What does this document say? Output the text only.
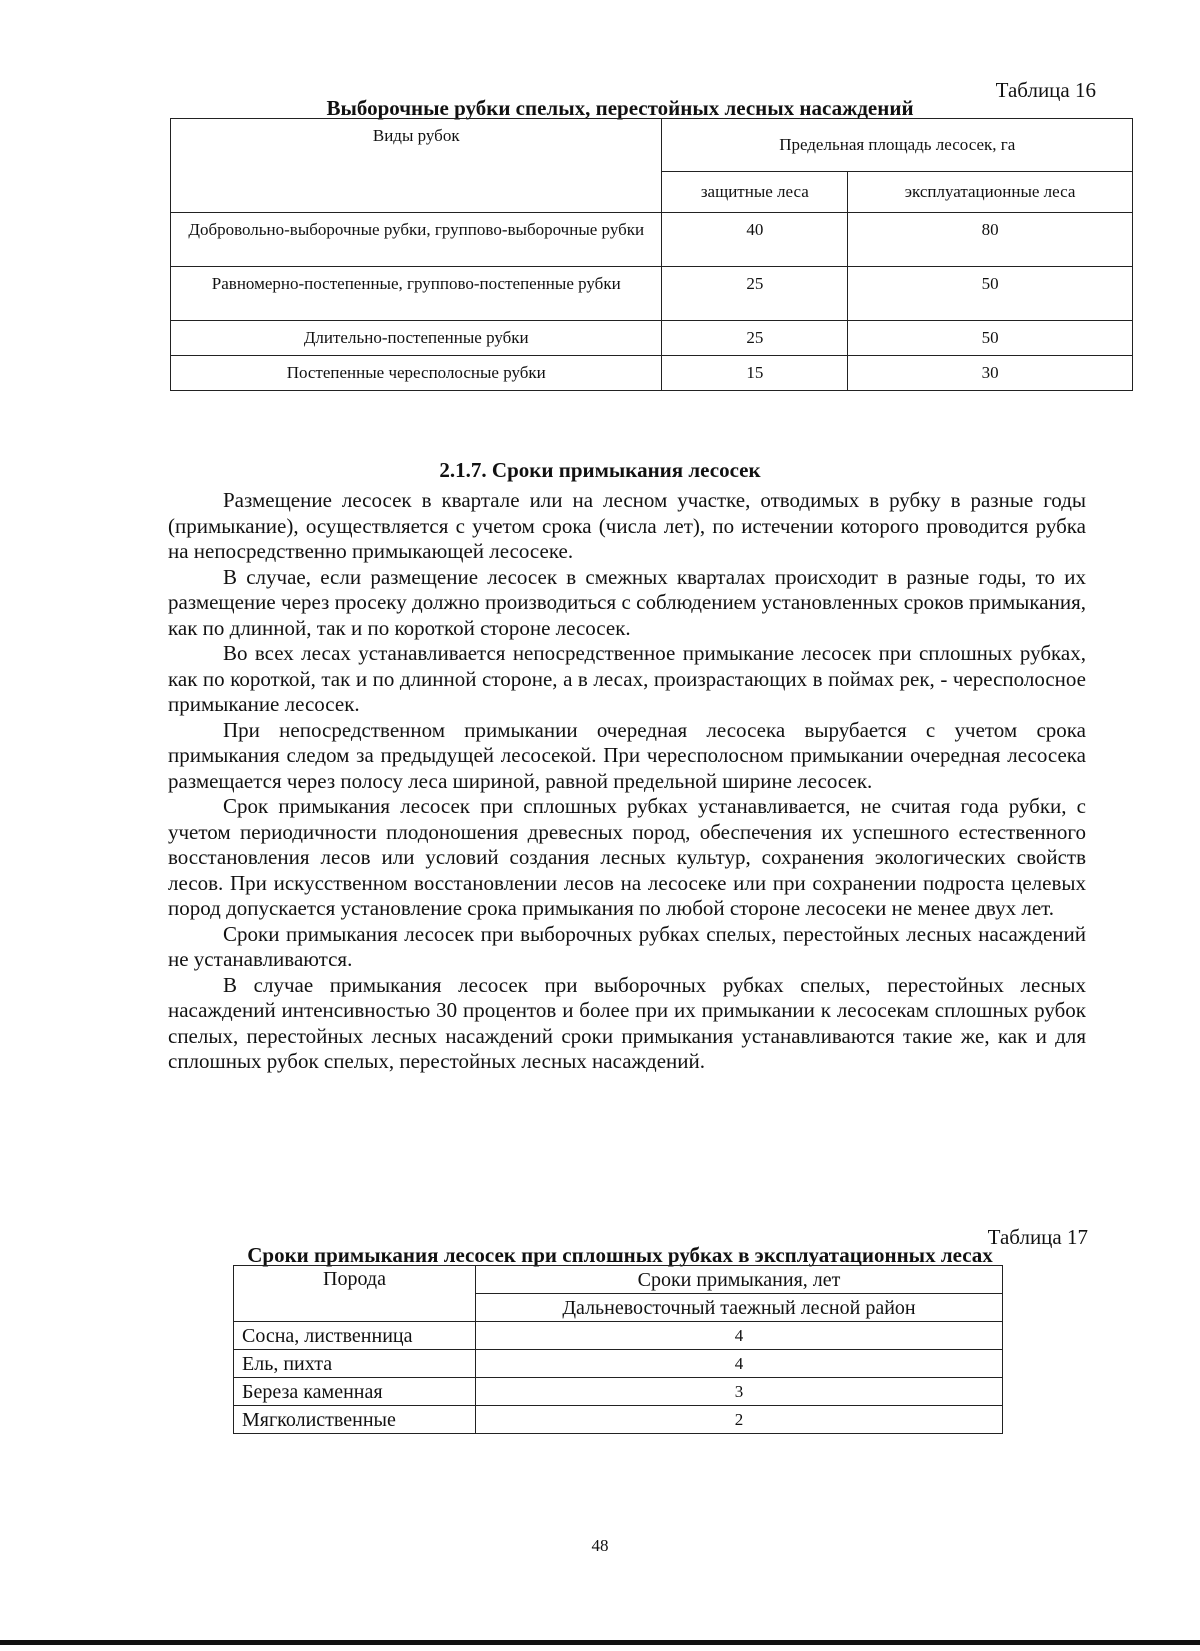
Таблица 16
Выборочные рубки спелых, перестойных лесных насаждений
Виды рубок	Предельная площадь лесосек, га	
	защитные леса	эксплуатационные леса
Добровольно-выборочные рубки, групповo-выборочные рубки	40	80
Равномерно-постепенные, группово-постепенные рубки	25	50
Длительно-постепенные рубки	25	50
Постепенные чересполосные рубки	15	30
2.1.7. Сроки примыкания лесосек

Размещение лесосек в квартале или на лесном участке, отводимых в рубку в разные годы (примыкание), осуществляется с учетом срока (числа лет), по истечении которого проводится рубка на непосредственно примыкающей лесосеке.

В случае, если размещение лесосек в смежных кварталах происходит в разные годы, то их размещение через просеку должно производиться с соблюдением установленных сроков примыкания, как по длинной, так и по короткой стороне лесосек.

Во всех лесах устанавливается непосредственное примыкание лесосек при сплошных рубках, как по короткой, так и по длинной стороне, а в лесах, произрастающих в поймах рек, - чересполосное примыкание лесосек.

При непосредственном примыкании очередная лесосека вырубается с учетом срока примыкания следом за предыдущей лесосекой. При чересполосном примыкании очередная лесосека размещается через полосу леса шириной, равной предельной ширине лесосек.

Срок примыкания лесосек при сплошных рубках устанавливается, не считая года рубки, с учетом периодичности плодоношения древесных пород, обеспечения их успешного естественного восстановления лесов или условий создания лесных культур, сохранения экологических свойств лесов. При искусственном восстановлении лесов на лесосеке или при сохранении подроста целевых пород допускается установление срока примыкания по любой стороне лесосеки не менее двух лет.

Сроки примыкания лесосек при выборочных рубках спелых, перестойных лесных насаждений не устанавливаются.

В случае примыкания лесосек при выборочных рубках спелых, перестойных лесных насаждений интенсивностью 30 процентов и более при их примыкании к лесосекам сплошных рубок спелых, перестойных лесных насаждений сроки примыкания устанавливаются такие же, как и для сплошных рубок спелых, перестойных лесных насаждений.

Таблица 17
Сроки примыкания лесосек при сплошных рубках в эксплуатационных лесах
Порода	Сроки примыкания, лет
	Дальневосточный таежный лесной район
Сосна, лиственница	4
Ель, пихта	4
Береза каменная	3
Мягколиственные	2
48
